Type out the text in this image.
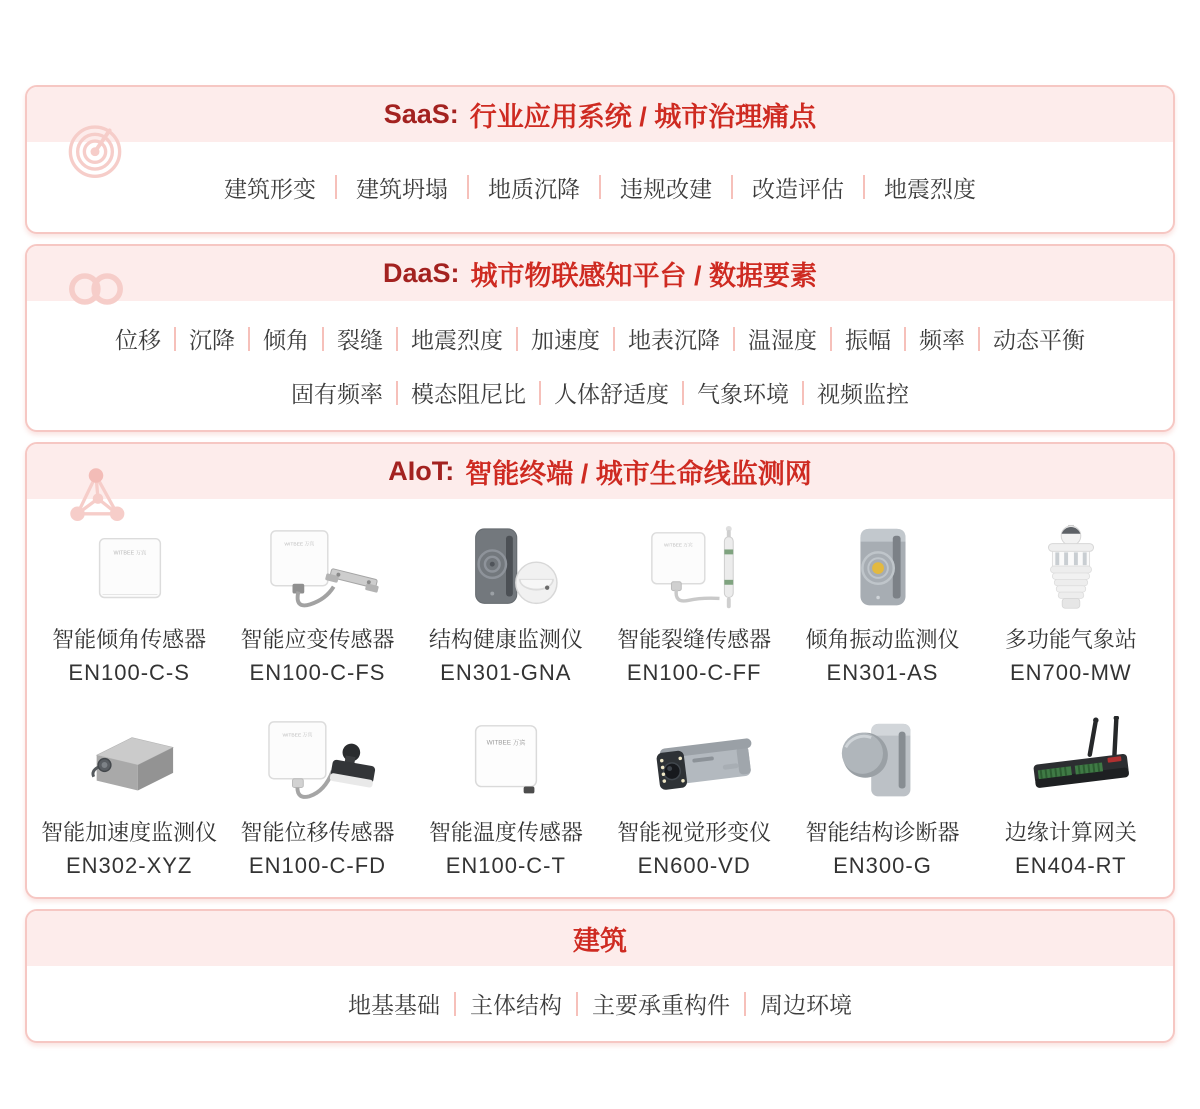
SaaS: 行业应用系统 / 城市治理痛点
建筑形变 建筑坍塌 地质沉降 违规改建 改造评估 地震烈度
DaaS: 城市物联感知平台 / 数据要素
位移 沉降 倾角 裂缝 地震烈度 加速度 地表沉降 温湿度 振幅 频率 动态平衡
固有频率 模态阻尼比 人体舒适度 气象环境 视频监控
AIoT: 智能终端 / 城市生命线监测网
智能倾角传感器
EN100-C-S
智能应变传感器
EN100-C-FS
结构健康监测仪
EN301-GNA
智能裂缝传感器
EN100-C-FF
倾角振动监测仪
EN301-AS
多功能气象站
EN700-MW
智能加速度监测仪
EN302-XYZ
智能位移传感器
EN100-C-FD
智能温度传感器
EN100-C-T
智能视觉形变仪
EN600-VD
智能结构诊断器
EN300-G
边缘计算网关
EN404-RT
建筑
地基基础 主体结构 主要承重构件 周边环境
